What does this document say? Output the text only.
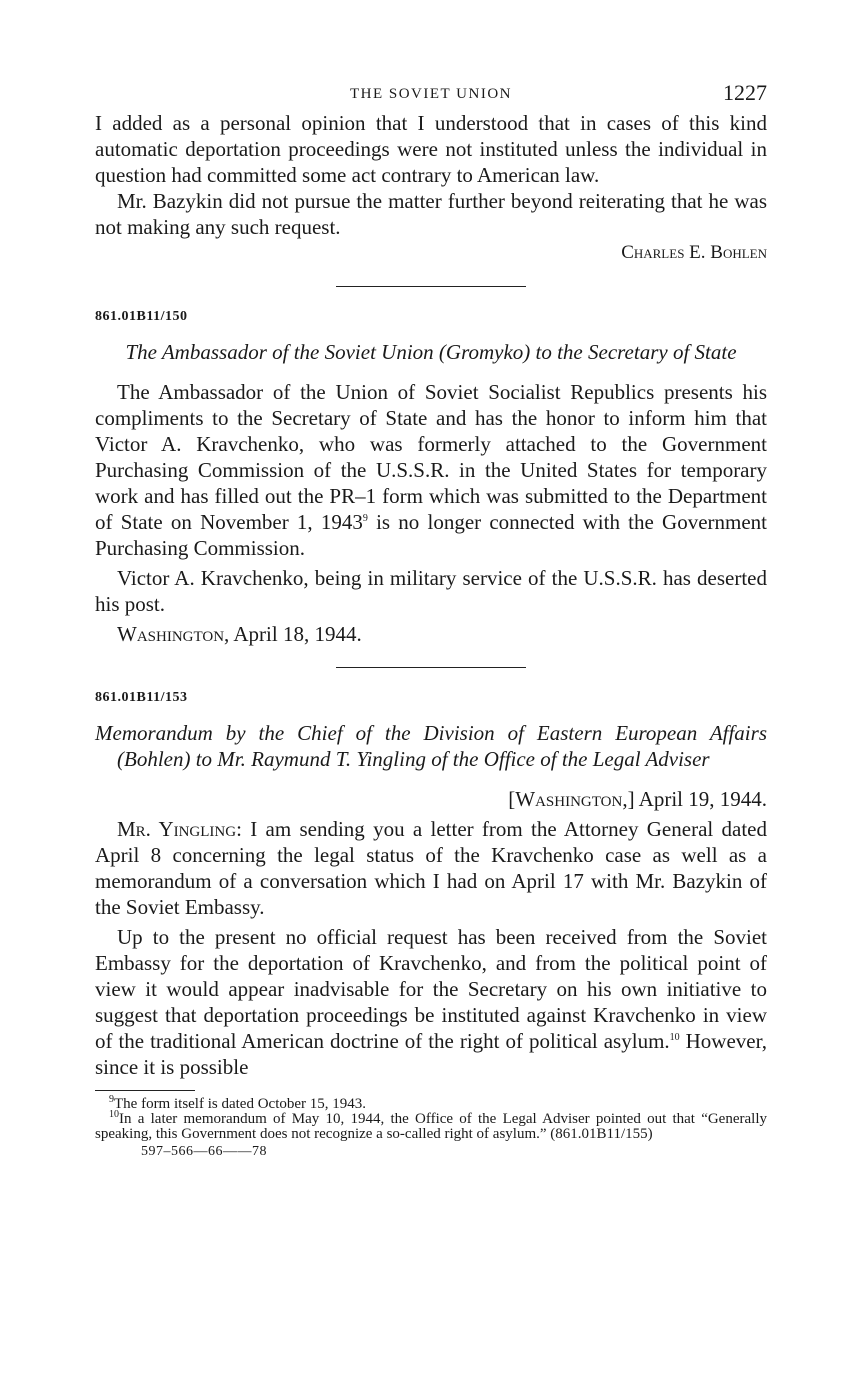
THE SOVIET UNION	1227

I added as a personal opinion that I understood that in cases of this kind automatic deportation proceedings were not instituted unless the individual in question had committed some act contrary to American law.

Mr. Bazykin did not pursue the matter further beyond reiterating that he was not making any such request.

Charles E. Bohlen
861.01B11/150
The Ambassador of the Soviet Union (Gromyko) to the Secretary of State

The Ambassador of the Union of Soviet Socialist Republics presents his compliments to the Secretary of State and has the honor to inform him that Victor A. Kravchenko, who was formerly attached to the Government Purchasing Commission of the U.S.S.R. in the United States for temporary work and has filled out the PR–1 form which was submitted to the Department of State on November 1, 1943$^9$ is no longer connected with the Government Purchasing Commission.

Victor A. Kravchenko, being in military service of the U.S.S.R. has deserted his post.

Washington, April 18, 1944.
861.01B11/153
Memorandum by the Chief of the Division of Eastern European Affairs (Bohlen) to Mr. Raymund T. Yingling of the Office of the Legal Adviser
[Washington,] April 19, 1944.

Mr. Yingling: I am sending you a letter from the Attorney General dated April 8 concerning the legal status of the Kravchenko case as well as a memorandum of a conversation which I had on April 17 with Mr. Bazykin of the Soviet Embassy.

Up to the present no official request has been received from the Soviet Embassy for the deportation of Kravchenko, and from the political point of view it would appear inadvisable for the Secretary on his own initiative to suggest that deportation proceedings be instituted against Kravchenko in view of the traditional American doctrine of the right of political asylum.$^{10}$ However, since it is possible

$^9$The form itself is dated October 15, 1943.
$^{10}$In a later memorandum of May 10, 1944, the Office of the Legal Adviser pointed out that “Generally speaking, this Government does not recognize a so-called right of asylum.” (861.01B11/155)
597–566—66——78
